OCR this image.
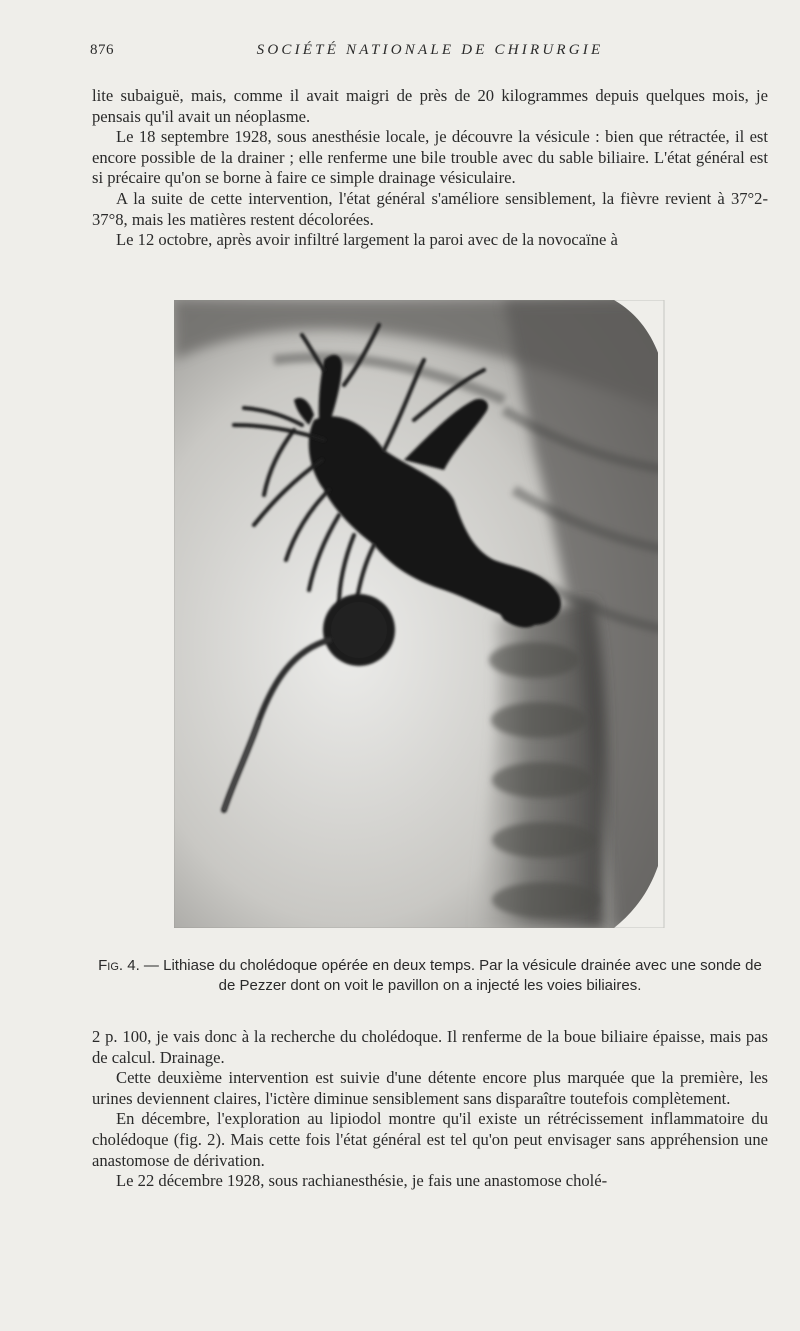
876	SOCIÉTÉ NATIONALE DE CHIRURGIE

lite subaiguë, mais, comme il avait maigri de près de 20 kilogrammes depuis quelques mois, je pensais qu'il avait un néoplasme.

Le 18 septembre 1928, sous anesthésie locale, je découvre la vésicule : bien que rétractée, il est encore possible de la drainer ; elle renferme une bile trouble avec du sable biliaire. L'état général est si précaire qu'on se borne à faire ce simple drainage vésiculaire.

A la suite de cette intervention, l'état général s'améliore sensiblement, la fièvre revient à 37°2-37°8, mais les matières restent décolorées.

Le 12 octobre, après avoir infiltré largement la paroi avec de la novocaïne à

Fig. 4. — Lithiase du cholédoque opérée en deux temps. Par la vésicule drainée avec une sonde de de Pezzer dont on voit le pavillon on a injecté les voies biliaires.

2 p. 100, je vais donc à la recherche du cholédoque. Il renferme de la boue biliaire épaisse, mais pas de calcul. Drainage.

Cette deuxième intervention est suivie d'une détente encore plus marquée que la première, les urines deviennent claires, l'ictère diminue sensiblement sans disparaître toutefois complètement.

En décembre, l'exploration au lipiodol montre qu'il existe un rétrécissement inflammatoire du cholédoque (fig. 2). Mais cette fois l'état général est tel qu'on peut envisager sans appréhension une anastomose de dérivation.

Le 22 décembre 1928, sous rachianesthésie, je fais une anastomose cholé-
